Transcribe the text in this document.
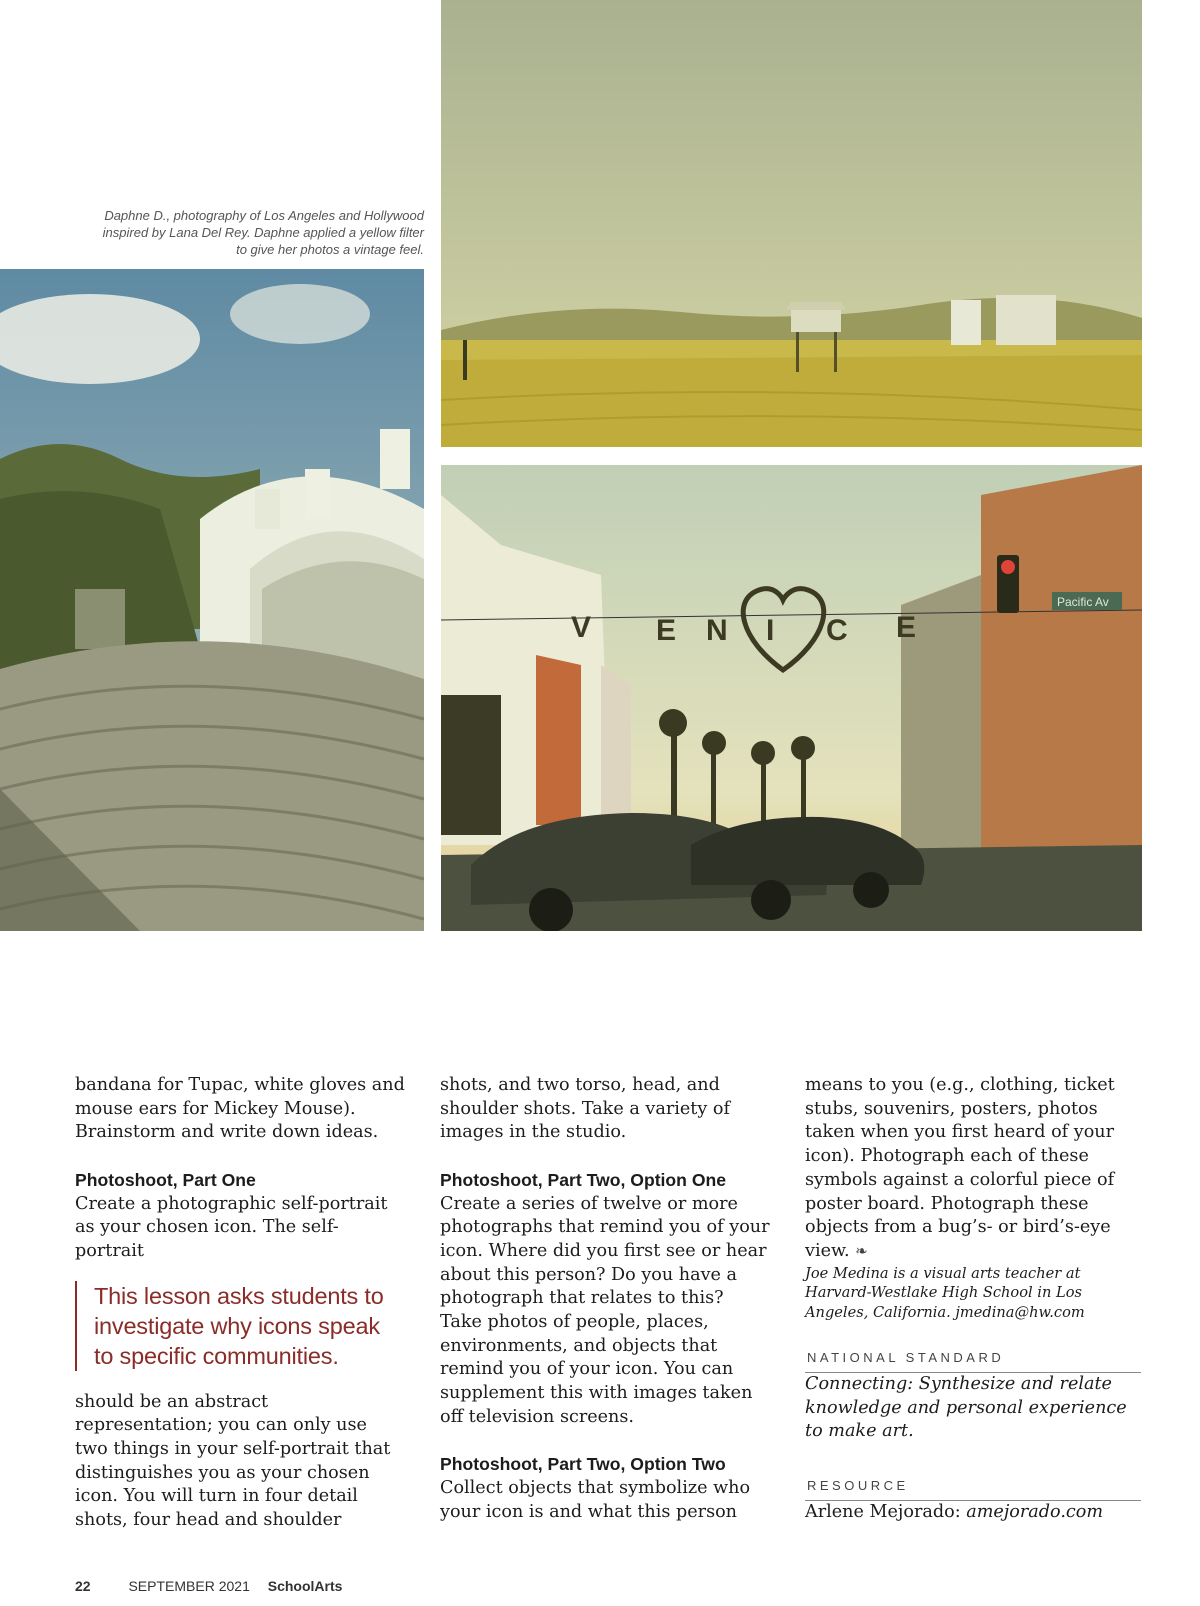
V E N I C E
Pacific Av
Daphne D., photography of Los Angeles and Hollywood inspired by Lana Del Rey. Daphne applied a yellow filter to give her photos a vintage feel.

bandana for Tupac, white gloves and mouse ears for Mickey Mouse). Brainstorm and write down ideas.

Photoshoot, Part One

Create a photographic self-portrait as your chosen icon. The self-portrait

This lesson asks students to investigate why icons speak to specific communities.

should be an abstract representation; you can only use two things in your self-portrait that distinguishes you as your chosen icon. You will turn in four detail shots, four head and shoulder

shots, and two torso, head, and shoulder shots. Take a variety of images in the studio.

Photoshoot, Part Two, Option One

Create a series of twelve or more photographs that remind you of your icon. Where did you first see or hear about this person? Do you have a photograph that relates to this? Take photos of people, places, environments, and objects that remind you of your icon. You can supplement this with images taken off television screens.

Photoshoot, Part Two, Option Two

Collect objects that symbolize who your icon is and what this person

means to you (e.g., clothing, ticket stubs, souvenirs, posters, photos taken when you first heard of your icon). Photograph each of these symbols against a colorful piece of poster board. Photograph these objects from a bug’s- or bird’s-eye view. ❧

Joe Medina is a visual arts teacher at Harvard-Westlake High School in Los Angeles, California. jmedina@hw.com

NATIONAL STANDARD

Connecting: Synthesize and relate knowledge and personal experience to make art.

RESOURCE

Arlene Mejorado: amejorado.com

22	SEPTEMBER 2021 SchoolArts
